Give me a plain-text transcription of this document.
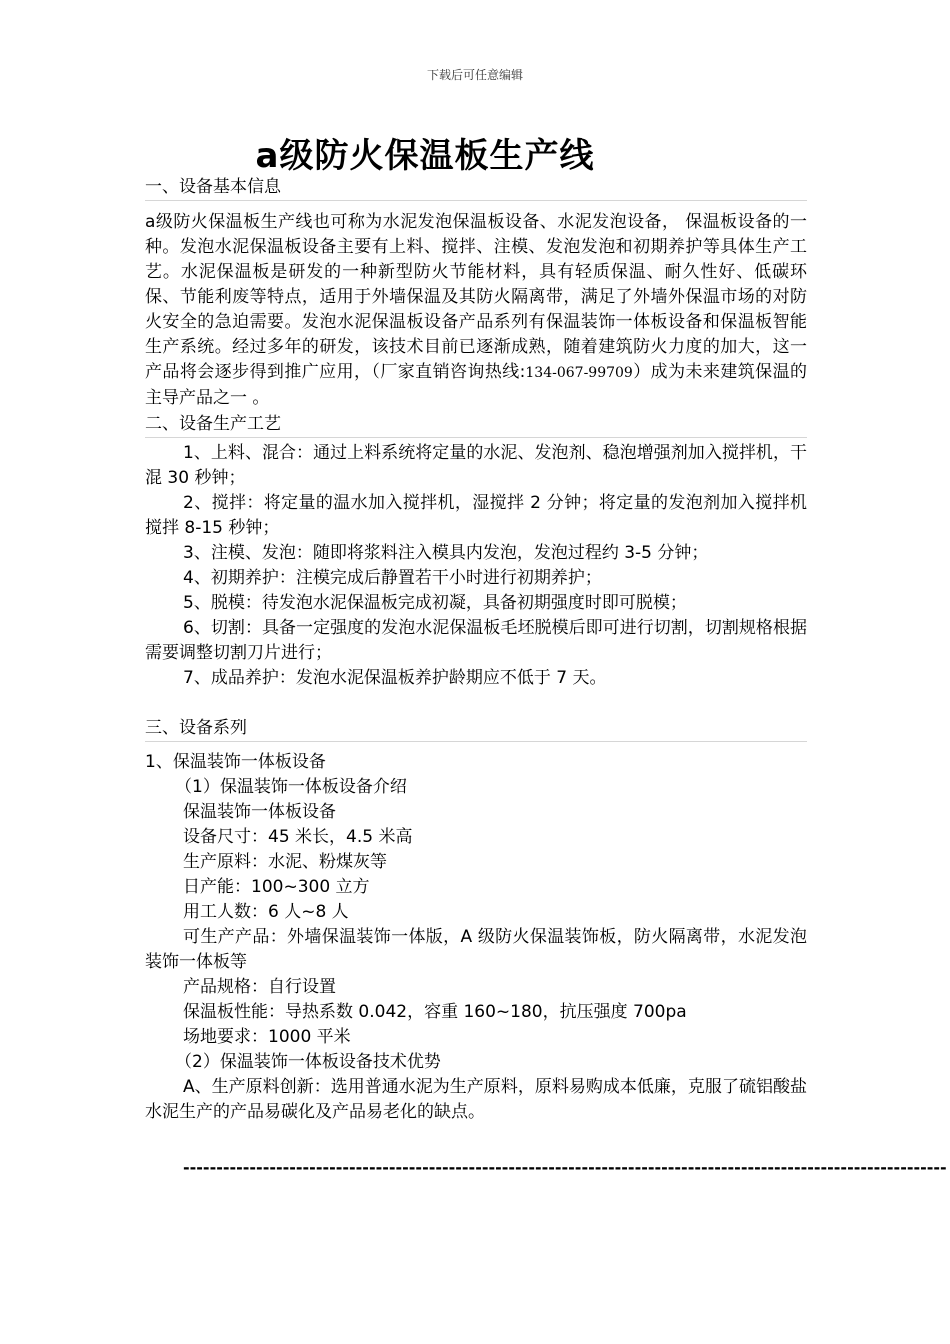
下载后可任意编辑
a级防火保温板生产线
一、设备基本信息

a级防火保温板生产线也可称为水泥发泡保温板设备、水泥发泡设备， 保温板设备的一种。发泡水泥保温板设备主要有上料、搅拌、注模、发泡发泡和初期养护等具体生产工艺。水泥保温板是研发的一种新型防火节能材料，具有轻质保温、耐久性好、低碳环保、节能利废等特点，适用于外墙保温及其防火隔离带，满足了外墙外保温市场的对防火安全的急迫需要。发泡水泥保温板设备产品系列有保温装饰一体板设备和保温板智能生产系统。经过多年的研发，该技术目前已逐渐成熟，随着建筑防火力度的加大，这一产品将会逐步得到推广应用，（厂家直销咨询热线:134-067-99709）成为未来建筑保温的主导产品之一 。

二、设备生产工艺

1、上料、混合：通过上料系统将定量的水泥、发泡剂、稳泡增强剂加入搅拌机，干混 30 秒钟；

2、搅拌：将定量的温水加入搅拌机，湿搅拌 2 分钟；将定量的发泡剂加入搅拌机搅拌 8-15 秒钟；

3、注模、发泡：随即将浆料注入模具内发泡，发泡过程约 3-5 分钟；

4、初期养护：注模完成后静置若干小时进行初期养护；

5、脱模：待发泡水泥保温板完成初凝，具备初期强度时即可脱模；

6、切割：具备一定强度的发泡水泥保温板毛坯脱模后即可进行切割，切割规格根据需要调整切割刀片进行；

7、成品养护：发泡水泥保温板养护龄期应不低于 7 天。

三、设备系列

1、保温装饰一体板设备

（1）保温装饰一体板设备介绍

保温装饰一体板设备

设备尺寸：45 米长，4.5 米高

生产原料：水泥、粉煤灰等

日产能：100~300 立方

用工人数：6 人~8 人

可生产产品：外墙保温装饰一体版，A 级防火保温装饰板，防火隔离带，水泥发泡装饰一体板等

产品规格：自行设置

保温板性能：导热系数 0.042，容重 160~180，抗压强度 700pa

场地要求：1000 平米

（2）保温装饰一体板设备技术优势

A、生产原料创新：选用普通水泥为生产原料，原料易购成本低廉，克服了硫铝酸盐水泥生产的产品易碳化及产品易老化的缺点。

-------------------------------------------------------------------------------------------------------------------
